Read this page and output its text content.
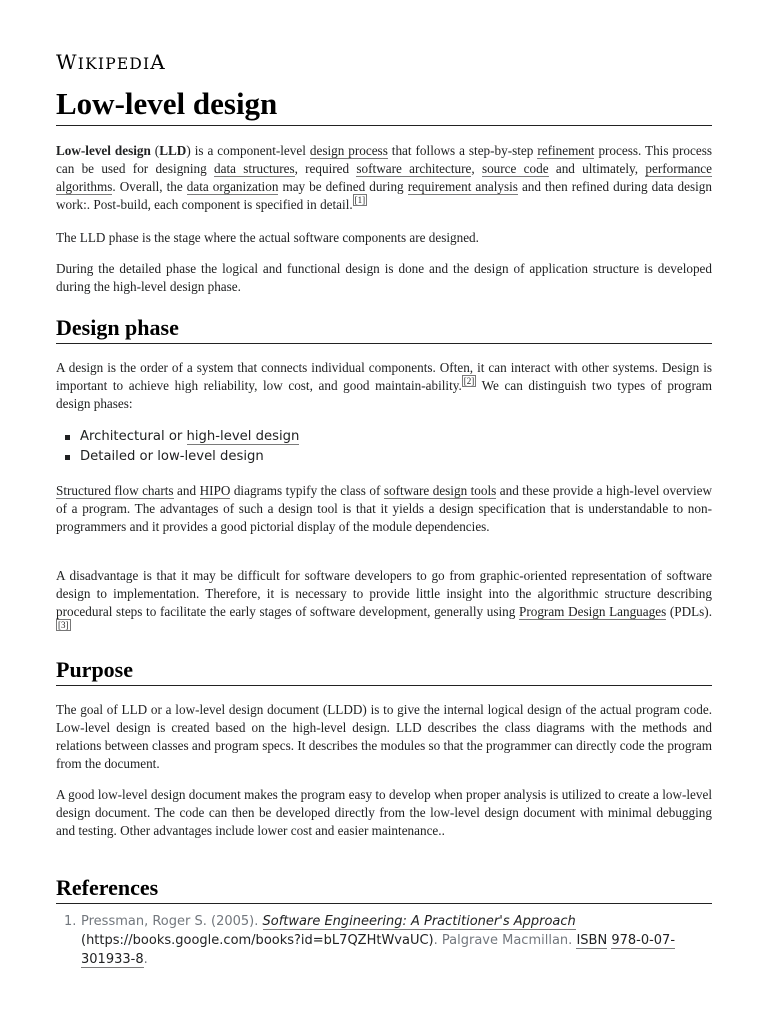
WIKIPEDIA
Low-level design

Low-level design (LLD) is a component-level design process that follows a step-by-step refinement process. This process can be used for designing data structures, required software architecture, source code and ultimately, performance algorithms. Overall, the data organization may be defined during requirement analysis and then refined during data design work:. Post-build, each component is specified in detail. [1]

The LLD phase is the stage where the actual software components are designed.

During the detailed phase the logical and functional design is done and the design of application structure is developed during the high-level design phase.

Design phase

A design is the order of a system that connects individual components. Often, it can interact with other systems. Design is important to achieve high reliability, low cost, and good maintain-ability. [2] We can distinguish two types of program design phases:

Architectural or high-level design
Detailed or low-level design

Structured flow charts and HIPO diagrams typify the class of software design tools and these provide a high-level overview of a program. The advantages of such a design tool is that it yields a design specification that is understandable to non-programmers and it provides a good pictorial display of the module dependencies.

A disadvantage is that it may be difficult for software developers to go from graphic-oriented representation of software design to implementation. Therefore, it is necessary to provide little insight into the algorithmic structure describing procedural steps to facilitate the early stages of software development, generally using Program Design Languages (PDLs).[3]

Purpose

The goal of LLD or a low-level design document (LLDD) is to give the internal logical design of the actual program code. Low-level design is created based on the high-level design. LLD describes the class diagrams with the methods and relations between classes and program specs. It describes the modules so that the programmer can directly code the program from the document.

A good low-level design document makes the program easy to develop when proper analysis is utilized to create a low-level design document. The code can then be developed directly from the low-level design document with minimal debugging and testing. Other advantages include lower cost and easier maintenance..

References
1. Pressman, Roger S. (2005). Software Engineering: A Practitioner's Approach (https://books.google.com/books?id=bL7QZHtWvaUC). Palgrave Macmillan. ISBN 978-0-07-301933-8.
